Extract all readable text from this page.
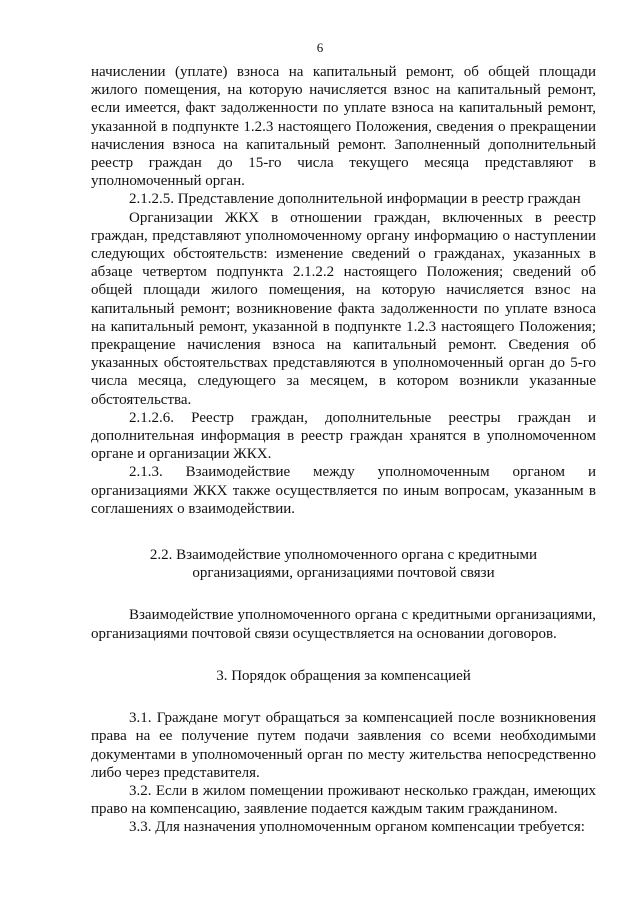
6

начислении (уплате) взноса на капитальный ремонт, об общей площади жилого помещения, на которую начисляется взнос на капитальный ремонт, если имеется, факт задолженности по уплате взноса на капитальный ремонт, указанной в подпункте 1.2.3 настоящего Положения, сведения о прекращении начисления взноса на капитальный ремонт. Заполненный дополнительный реестр граждан до 15-го числа текущего месяца представляют в уполномоченный орган.

2.1.2.5. Представление дополнительной информации в реестр граждан

Организации ЖКХ в отношении граждан, включенных в реестр граждан, представляют уполномоченному органу информацию о наступлении следующих обстоятельств: изменение сведений о гражданах, указанных в абзаце четвертом подпункта 2.1.2.2 настоящего Положения; сведений об общей площади жилого помещения, на которую начисляется взнос на капитальный ремонт; возникновение факта задолженности по уплате взноса на капитальный ремонт, указанной в подпункте 1.2.3 настоящего Положения; прекращение начисления взноса на капитальный ремонт. Сведения об указанных обстоятельствах представляются в уполномоченный орган до 5-го числа месяца, следующего за месяцем, в котором возникли указанные обстоятельства.

2.1.2.6. Реестр граждан, дополнительные реестры граждан и дополнительная информация в реестр граждан хранятся в уполномоченном органе и организации ЖКХ.

2.1.3. Взаимодействие между уполномоченным органом и организациями ЖКХ также осуществляется по иным вопросам, указанным в соглашениях о взаимодействии.

2.2. Взаимодействие уполномоченного органа с кредитными

организациями, организациями почтовой связи

Взаимодействие уполномоченного органа с кредитными организациями, организациями почтовой связи осуществляется на основании договоров.

3. Порядок обращения за компенсацией

3.1. Граждане могут обращаться за компенсацией после возникновения права на ее получение путем подачи заявления со всеми необходимыми документами в уполномоченный орган по месту жительства непосредственно либо через представителя.

3.2. Если в жилом помещении проживают несколько граждан, имеющих право на компенсацию, заявление подается каждым таким гражданином.

3.3. Для назначения уполномоченным органом компенсации требуется:
